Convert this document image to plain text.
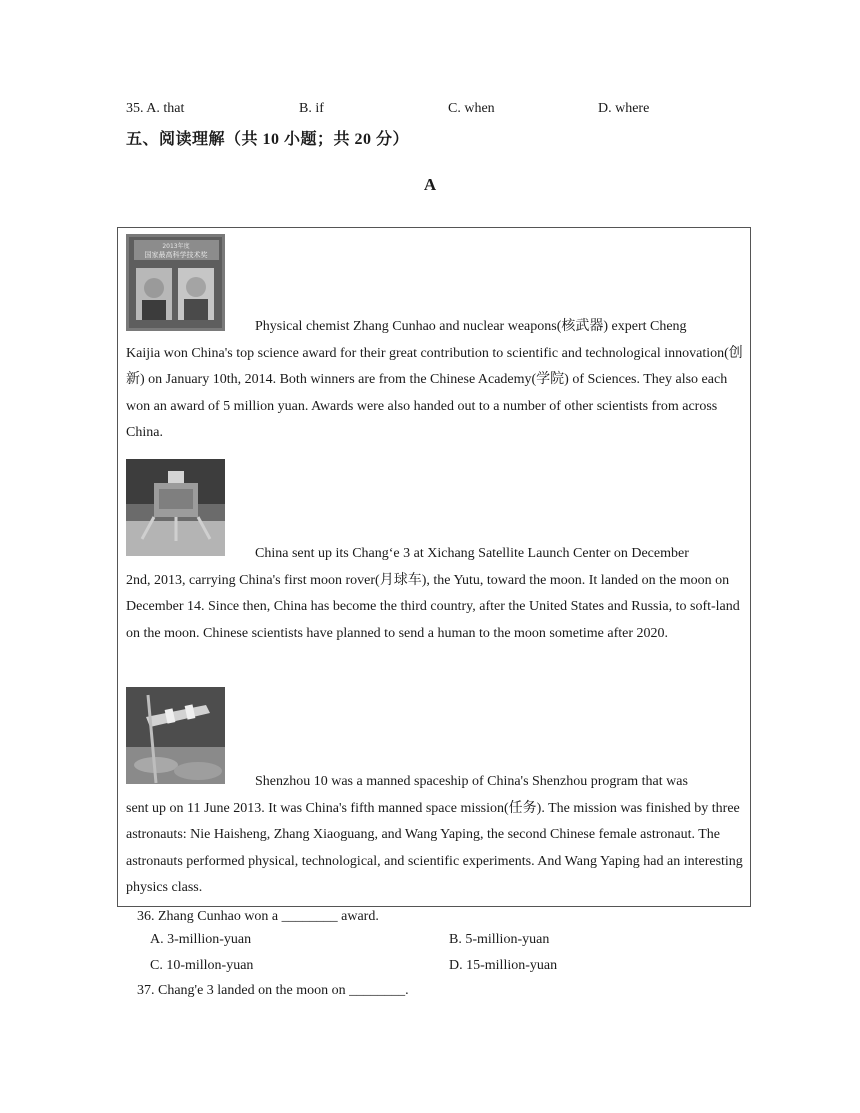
35. A. that	B. if	C. when	D. where
五、阅读理解（共 10 小题；共 20 分）
A
2013年度
国家最高科学技术奖

Physical chemist Zhang Cunhao and nuclear weapons(核武器) expert Cheng

Kaijia won China's top science award for their great contribution to scientific and technological innovation(创新) on January 10th, 2014. Both winners are from the Chinese Academy(学院) of Sciences. They also each won an award of 5 million yuan. Awards were also handed out to a number of other scientists from across China.

China sent up its Chang‘e 3 at Xichang Satellite Launch Center on December

2nd, 2013, carrying China's first moon rover(月球车), the Yutu, toward the moon. It landed on the moon on December 14. Since then, China has become the third country, after the United States and Russia, to soft-land on the moon. Chinese scientists have planned to send a human to the moon sometime after 2020.

Shenzhou 10 was a manned spaceship of China's Shenzhou program that was

sent up on 11 June 2013. It was China's fifth manned space mission(任务). The mission was finished by three astronauts: Nie Haisheng, Zhang Xiaoguang, and Wang Yaping, the second Chinese female astronaut. The astronauts performed physical, technological, and scientific experiments. And Wang Yaping had an interesting physics class.

36. Zhang Cunhao won a ________ award.
A. 3-million-yuan	B. 5-million-yuan
C. 10-millon-yuan	D. 15-million-yuan
37. Chang'e 3 landed on the moon on ________.
